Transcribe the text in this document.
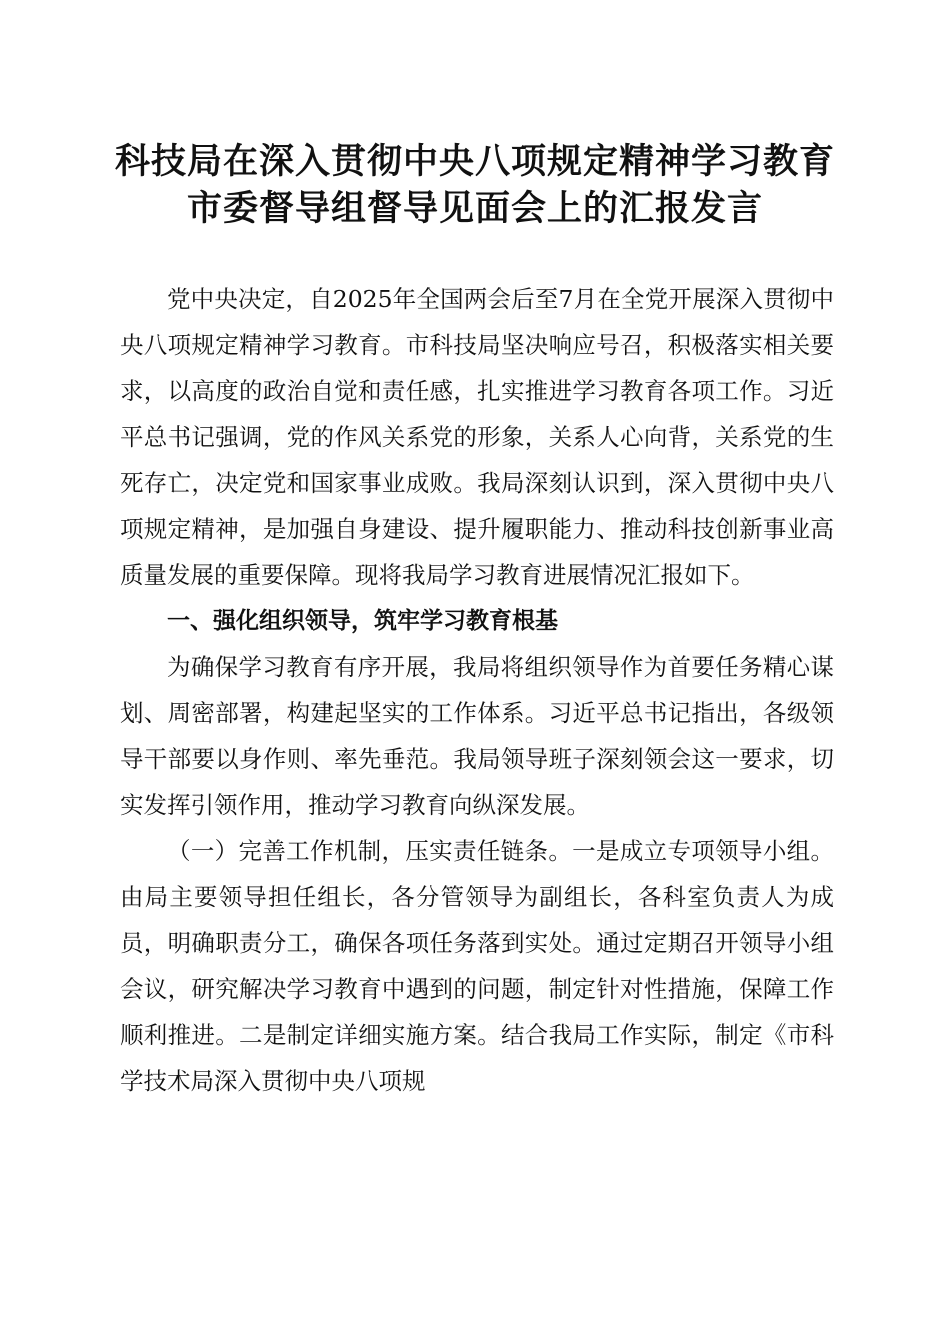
科技局在深入贯彻中央八项规定精神学习教育
市委督导组督导见面会上的汇报发言

党中央决定，自2025年全国两会后至7月在全党开展深入贯彻中央八项规定精神学习教育。市科技局坚决响应号召，积极落实相关要求，以高度的政治自觉和责任感，扎实推进学习教育各项工作。习近平总书记强调，党的作风关系党的形象，关系人心向背，关系党的生死存亡，决定党和国家事业成败。我局深刻认识到，深入贯彻中央八项规定精神，是加强自身建设、提升履职能力、推动科技创新事业高质量发展的重要保障。现将我局学习教育进展情况汇报如下。

一、强化组织领导，筑牢学习教育根基

为确保学习教育有序开展，我局将组织领导作为首要任务精心谋划、周密部署，构建起坚实的工作体系。习近平总书记指出，各级领导干部要以身作则、率先垂范。我局领导班子深刻领会这一要求，切实发挥引领作用，推动学习教育向纵深发展。

（一）完善工作机制，压实责任链条。一是成立专项领导小组。由局主要领导担任组长，各分管领导为副组长，各科室负责人为成员，明确职责分工，确保各项任务落到实处。通过定期召开领导小组会议，研究解决学习教育中遇到的问题，制定针对性措施，保障工作顺利推进。二是制定详细实施方案。结合我局工作实际，制定《市科学技术局深入贯彻中央八项规
